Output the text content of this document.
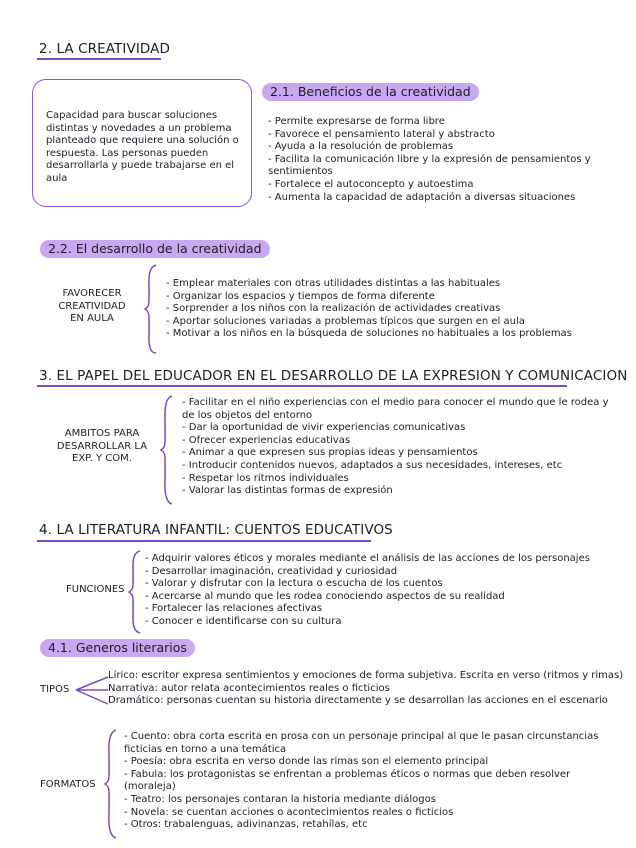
2. LA CREATIVIDAD
Capacidad para buscar soluciones distintas y novedades a un problema planteado que requiere una solución o respuesta. Las personas pueden desarrollarla y puede trabajarse en el aula
2.1. Beneficios de la creatividad
- Permite expresarse de forma libre
- Favorece el pensamiento lateral y abstracto
- Ayuda a la resolución de problemas
- Facilita la comunicación libre y la expresión de pensamientos y sentimientos
- Fortalece el autoconcepto y autoestima
- Aumenta la capacidad de adaptación a diversas situaciones
2.2. El desarrollo de la creatividad
FAVORECER CREATIVIDAD EN AULA
- Emplear materiales con otras utilidades distintas a las habituales
- Organizar los espacios y tiempos de forma diferente
- Sorprender a los niños con la realización de actividades creativas
- Aportar soluciones variadas a problemas típicos que surgen en el aula
- Motivar a los niños en la búsqueda de soluciones no habituales a los problemas
3. EL PAPEL DEL EDUCADOR EN EL DESARROLLO DE LA EXPRESION Y COMUNICACION
AMBITOS PARA DESARROLLAR LA EXP. Y COM.
- Facilitar en el niño experiencias con el medio para conocer el mundo que le rodea y de los objetos del entorno
- Dar la oportunidad de vivir experiencias comunicativas
- Ofrecer experiencias educativas
- Animar a que expresen sus propias ideas y pensamientos
- Introducir contenidos nuevos, adaptados a sus necesidades, intereses, etc
- Respetar los ritmos individuales
- Valorar las distintas formas de expresión
4. LA LITERATURA INFANTIL: CUENTOS EDUCATIVOS
FUNCIONES
- Adquirir valores éticos y morales mediante el análisis de las acciones de los personajes
- Desarrollar imaginación, creatividad y curiosidad
- Valorar y disfrutar con la lectura o escucha de los cuentos
- Acercarse al mundo que les rodea conociendo aspectos de su realidad
- Fortalecer las relaciones afectivas
- Conocer e identificarse con su cultura
4.1. Generos literarios
TIPOS
Lírico: escritor expresa sentimientos y emociones de forma subjetiva. Escrita en verso (ritmos y rimas)
Narrativa: autor relata acontecimientos reales o ficticios
Dramático: personas cuentan su historia directamente y se desarrollan las acciones en el escenario
FORMATOS
- Cuento: obra corta escrita en prosa con un personaje principal al que le pasan circunstancias ficticias en torno a una temática
- Poesía: obra escrita en verso donde las rimas son el elemento principal
- Fabula: los protagonistas se enfrentan a problemas éticos o normas que deben resolver (moraleja)
- Teatro: los personajes contaran la historia mediante diálogos
- Novela: se cuentan acciones o acontecimientos reales o ficticios
- Otros: trabalenguas, adivinanzas, retahílas, etc
